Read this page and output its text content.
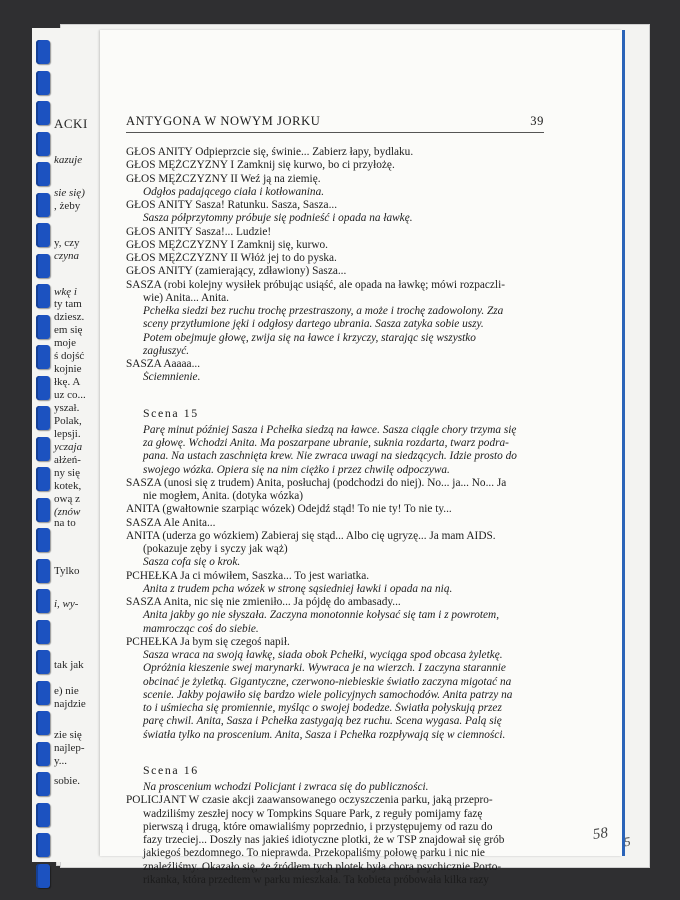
ACKI
kazuje
sie się)
, żeby
y, czy
czyna
wkę i
ty tam
dziesz.
em się
moje
ś dojść
kojnie
łkę. A
uz co...
yszał.
Polak,
lepsji.
yczaja
ałżeń-
ny się
kotek,
ową z
(znów
na to
Tylko
i, wy-
tak jak
e) nie
najdzie
zie się
najlep-
y...
sobie.
ANTYGONA W NOWYM JORKU	39
GŁOS ANITY Odpieprzcie się, świnie... Zabierz łapy, bydlaku.
GŁOS MĘŻCZYZNY I Zamknij się kurwo, bo ci przyłożę.
GŁOS MĘŻCZYZNY II Weź ją na ziemię.
Odgłos padającego ciała i kotłowanina.
GŁOS ANITY Sasza! Ratunku. Sasza, Sasza...
Sasza półprzytomny próbuje się podnieść i opada na ławkę.
GŁOS ANITY Sasza!... Ludzie!
GŁOS MĘŻCZYZNY I Zamknij się, kurwo.
GŁOS MĘŻCZYZNY II Włóż jej to do pyska.
GŁOS ANITY (zamierający, zdławiony) Sasza...
SASZA (robi kolejny wysiłek próbując usiąść, ale opada na ławkę; mówi rozpaczli-
wie) Anita... Anita.
Pchełka siedzi bez ruchu trochę przestraszony, a może i trochę zadowolony. Zza
sceny przytłumione jęki i odgłosy dartego ubrania. Sasza zatyka sobie uszy.
Potem obejmuje głowę, zwija się na ławce i krzyczy, starając się wszystko
zagłuszyć.
SASZA Aaaaa...
Ściemnienie.
Scena 15
Parę minut później Sasza i Pchełka siedzą na ławce. Sasza ciągle chory trzyma się
za głowę. Wchodzi Anita. Ma poszarpane ubranie, suknia rozdarta, twarz podra-
pana. Na ustach zaschnięta krew. Nie zwraca uwagi na siedzących. Idzie prosto do
swojego wózka. Opiera się na nim ciężko i przez chwilę odpoczywa.
SASZA (unosi się z trudem) Anita, posłuchaj (podchodzi do niej). No... ja... No... Ja
nie mogłem, Anita. (dotyka wózka)
ANITA (gwałtownie szarpiąc wózek) Odejdź stąd! To nie ty! To nie ty...
SASZA Ale Anita...
ANITA (uderza go wózkiem) Zabieraj się stąd... Albo cię ugryzę... Ja mam AIDS.
(pokazuje zęby i syczy jak wąż)
Sasza cofa się o krok.
PCHEŁKA Ja ci mówiłem, Saszka... To jest wariatka.
Anita z trudem pcha wózek w stronę sąsiedniej ławki i opada na nią.
SASZA Anita, nic się nie zmieniło... Ja pójdę do ambasady...
Anita jakby go nie słyszała. Zaczyna monotonnie kołysać się tam i z powrotem,
mamrocząc coś do siebie.
PCHEŁKA Ja bym się czegoś napił.
Sasza wraca na swoją ławkę, siada obok Pchełki, wyciąga spod obcasa żyletkę.
Opróżnia kieszenie swej marynarki. Wywraca je na wierzch. I zaczyna starannie
obcinać je żyletką. Gigantyczne, czerwono-niebieskie światło zaczyna migotać na
scenie. Jakby pojawiło się bardzo wiele policyjnych samochodów. Anita patrzy na
to i uśmiecha się promiennie, myśląc o swojej bodedze. Światła połyskują przez
parę chwil. Anita, Sasza i Pchełka zastygają bez ruchu. Scena wygasa. Palą się
światła tylko na proscenium. Anita, Sasza i Pchełka rozpływają się w ciemności.
Scena 16
Na proscenium wchodzi Policjant i zwraca się do publiczności.
POLICJANT W czasie akcji zaawansowanego oczyszczenia parku, jaką przepro-
wadziliśmy zeszłej nocy w Tompkins Square Park, z reguły pomijamy fazę
pierwszą i drugą, które omawialiśmy poprzednio, i przystępujemy od razu do
fazy trzeciej... Doszły nas jakieś idiotyczne plotki, że w TSP znajdował się grób
jakiegoś bezdomnego. To nieprawda. Przekopaliśmy połowę parku i nic nie
znaleźliśmy. Okazało się, że źródłem tych plotek była chora psychicznie Porto-
rikanka, która przedtem w parku mieszkała. Ta kobieta próbowała kilka razy
58 5
